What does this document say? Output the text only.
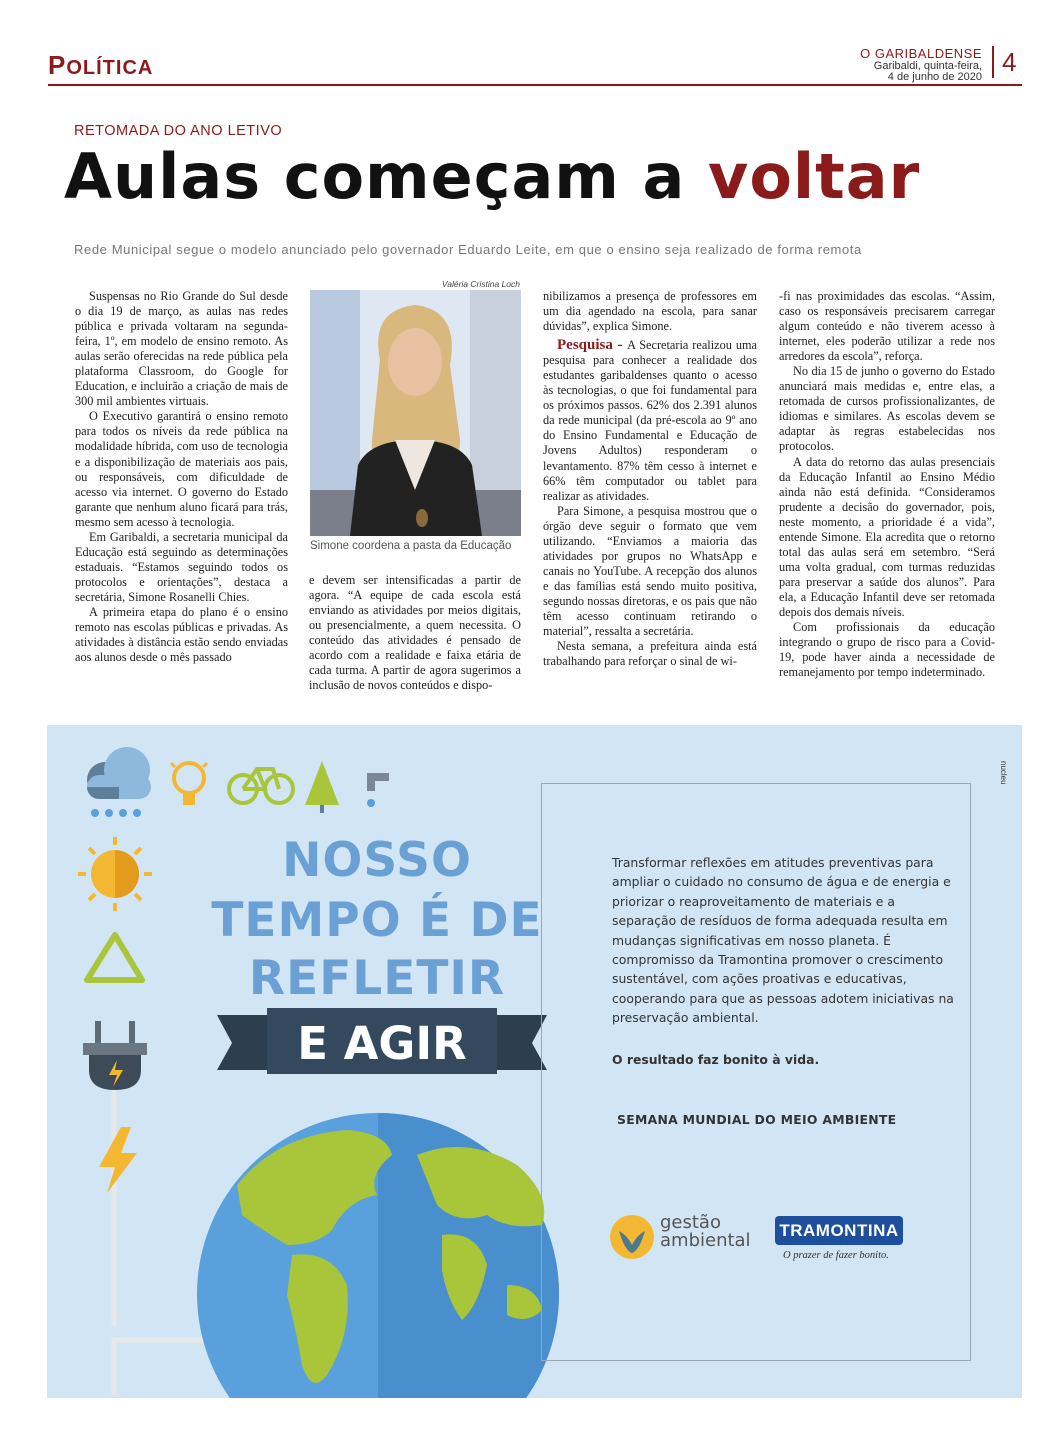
POLÍTICA
O GARIBALDENSE
Garibaldi, quinta-feira,
4 de junho de 2020
4
RETOMADA DO ANO LETIVO
Aulas começam a voltar
Rede Municipal segue o modelo anunciado pelo governador Eduardo Leite, em que o ensino seja realizado de forma remota

Suspensas no Rio Grande do Sul desde o dia 19 de março, as aulas nas redes pública e privada voltaram na segunda-feira, 1º, em modelo de ensino remoto. As aulas serão oferecidas na rede pública pela plataforma Classroom, do Google for Education, e incluirão a criação de mais de 300 mil ambientes virtuais.

O Executivo garantirá o ensino remoto para todos os níveis da rede pública na modalidade híbrida, com uso de tecnologia e a disponibilização de materiais aos pais, ou responsáveis, com dificuldade de acesso via internet. O governo do Estado garante que nenhum aluno ficará para trás, mesmo sem acesso à tecnologia.

Em Garibaldi, a secretaria municipal da Educação está seguindo as determinações estaduais. “Estamos seguindo todos os protocolos e orientações”, destaca a secretária, Simone Rosanelli Chies.

A primeira etapa do plano é o ensino remoto nas escolas públicas e privadas. As atividades à distância estão sendo enviadas aos alunos desde o mês passado

Valéria Cristina Loch
Simone coordena a pasta da Educação

e devem ser intensificadas a partir de agora. “A equipe de cada escola está enviando as atividades por meios digitais, ou presencialmente, a quem necessita. O conteúdo das atividades é pensado de acordo com a realidade e faixa etária de cada turma. A partir de agora sugerimos a inclusão de novos conteúdos e dispo-

nibilizamos a presença de professores em um dia agendado na escola, para sanar dúvidas”, explica Simone.

Pesquisa - A Secretaria realizou uma pesquisa para conhecer a realidade dos estudantes garibaldenses quanto o acesso às tecnologias, o que foi fundamental para os próximos passos. 62% dos 2.391 alunos da rede municipal (da pré-escola ao 9º ano do Ensino Fundamental e Educação de Jovens Adultos) responderam o levantamento. 87% têm cesso à internet e 66% têm computador ou tablet para realizar as atividades.

Para Simone, a pesquisa mostrou que o órgão deve seguir o formato que vem utilizando. “Enviamos a maioria das atividades por grupos no WhatsApp e canais no YouTube. A recepção dos alunos e das famílias está sendo muito positiva, segundo nossas diretoras, e os pais que não têm acesso continuam retirando o material”, ressalta a secretária.

Nesta semana, a prefeitura ainda está trabalhando para reforçar o sinal de wi-

-fi nas proximidades das escolas. “Assim, caso os responsáveis precisarem carregar algum conteúdo e não tiverem acesso à internet, eles poderão utilizar a rede nos arredores da escola”, reforça.

No dia 15 de junho o governo do Estado anunciará mais medidas e, entre elas, a retomada de cursos profissionalizantes, de idiomas e similares. As escolas devem se adaptar às regras estabelecidas nos protocolos.

A data do retorno das aulas presenciais da Educação Infantil ao Ensino Médio ainda não está definida. “Consideramos prudente a decisão do governador, pois, neste momento, a prioridade é a vida”, entende Simone. Ela acredita que o retorno total das aulas será em setembro. “Será uma volta gradual, com turmas reduzidas para preservar a saúde dos alunos”. Para ela, a Educação Infantil deve ser retomada depois dos demais níveis.

Com profissionais da educação integrando o grupo de risco para a Covid-19, pode haver ainda a necessidade de remanejamento por tempo indeterminado.

E AGIR
nucleu
NOSSO
TEMPO É DE
REFLETIR
Transformar reflexões em atitudes preventivas para ampliar o cuidado no consumo de água e de energia e priorizar o reaproveitamento de materiais e a separação de resíduos de forma adequada resulta em mudanças significativas em nosso planeta. É compromisso da Tramontina promover o crescimento sustentável, com ações proativas e educativas, cooperando para que as pessoas adotem iniciativas na preservação ambiental.
O resultado faz bonito à vida.
SEMANA MUNDIAL DO MEIO AMBIENTE
gestão
ambiental TRAMONTINA
O prazer de fazer bonito.
